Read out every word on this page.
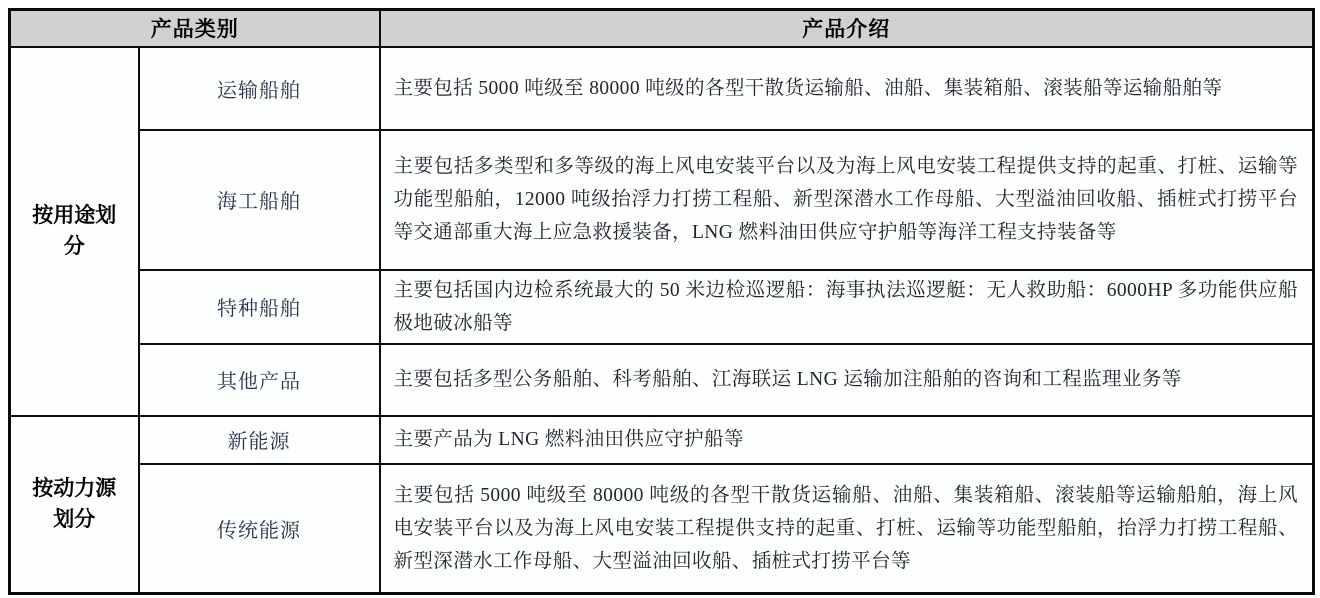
产品类别		产品介绍
按用途划分	运输船舶	主要包括 5000 吨级至 80000 吨级的各型干散货运输船、油船、集装箱船、滚装船等运输船舶等
	海工船舶	主要包括多类型和多等级的海上风电安装平台以及为海上风电安装工程提供支持的起重、打桩、运输等功能型船舶，12000 吨级抬浮力打捞工程船、新型深潜水工作母船、大型溢油回收船、插桩式打捞平台等交通部重大海上应急救援装备，LNG 燃料油田供应守护船等海洋工程支持装备等
	特种船舶	主要包括国内边检系统最大的 50 米边检巡逻船：海事执法巡逻艇：无人救助船：6000HP 多功能供应船极地破冰船等
	其他产品	主要包括多型公务船舶、科考船舶、江海联运 LNG 运输加注船舶的咨询和工程监理业务等
按动力源划分	新能源	主要产品为 LNG 燃料油田供应守护船等
	传统能源	主要包括 5000 吨级至 80000 吨级的各型干散货运输船、油船、集装箱船、滚装船等运输船舶，海上风电安装平台以及为海上风电安装工程提供支持的起重、打桩、运输等功能型船舶，抬浮力打捞工程船、新型深潜水工作母船、大型溢油回收船、插桩式打捞平台等
